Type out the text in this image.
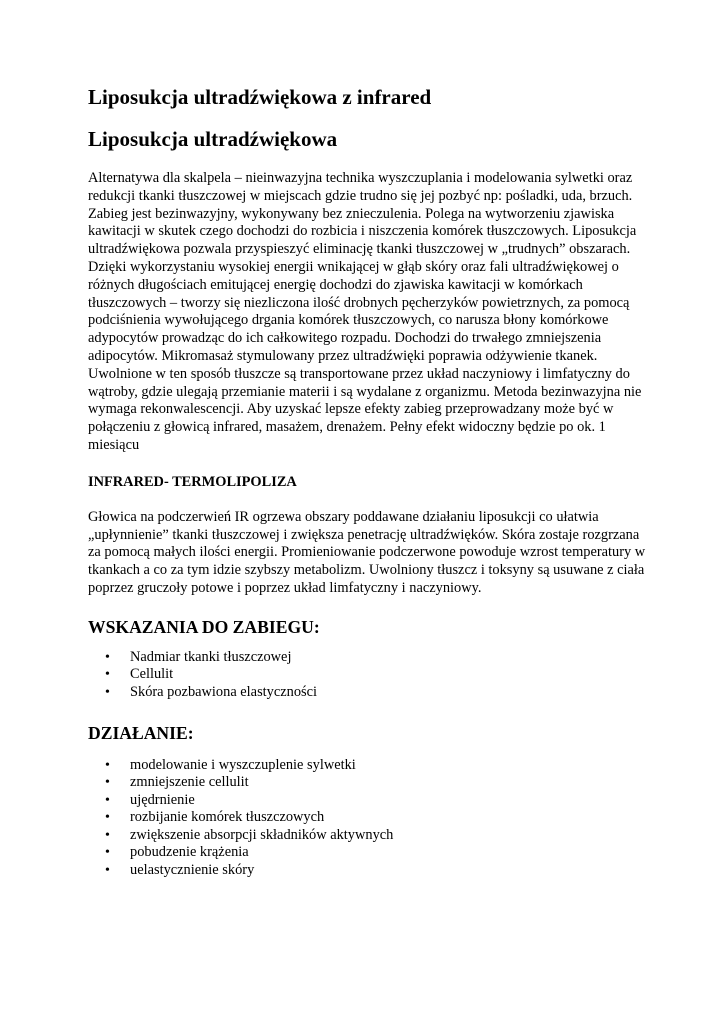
Liposukcja ultradźwiękowa z infrared
Liposukcja ultradźwiękowa

Alternatywa dla skalpela – nieinwazyjna technika wyszczuplania i modelowania sylwetki oraz redukcji tkanki tłuszczowej w miejscach gdzie trudno się jej pozbyć np: pośladki, uda, brzuch. Zabieg jest bezinwazyjny, wykonywany bez znieczulenia. Polega na wytworzeniu zjawiska kawitacji w skutek czego dochodzi do rozbicia i niszczenia komórek tłuszczowych. Liposukcja ultradźwiękowa pozwala przyspieszyć eliminację tkanki tłuszczowej w „trudnych” obszarach. Dzięki wykorzystaniu wysokiej energii wnikającej w głąb skóry oraz fali ultradźwiękowej o różnych długościach emitującej energię dochodzi do zjawiska kawitacji w komórkach tłuszczowych – tworzy się niezliczona ilość drobnych pęcherzyków powietrznych, za pomocą podciśnienia wywołującego drgania komórek tłuszczowych, co narusza błony komórkowe adypocytów prowadząc do ich całkowitego rozpadu. Dochodzi do trwałego zmniejszenia adipocytów. Mikromasaż stymulowany przez ultradźwięki poprawia odżywienie tkanek. Uwolnione w ten sposób tłuszcze są transportowane przez układ naczyniowy i limfatyczny do wątroby, gdzie ulegają przemianie materii i są wydalane z organizmu. Metoda bezinwazyjna nie wymaga rekonwalescencji. Aby uzyskać lepsze efekty zabieg przeprowadzany może być w połączeniu z głowicą infrared, masażem, drenażem. Pełny efekt widoczny będzie po ok. 1 miesiącu

INFRARED- TERMOLIPOLIZA

Głowica na podczerwień IR ogrzewa obszary poddawane działaniu liposukcji co ułatwia „upłynnienie” tkanki tłuszczowej i zwiększa penetrację ultradźwięków. Skóra zostaje rozgrzana za pomocą małych ilości energii. Promieniowanie podczerwone powoduje wzrost temperatury w tkankach a co za tym idzie szybszy metabolizm. Uwolniony tłuszcz i toksyny są usuwane z ciała poprzez gruczoły potowe i poprzez układ limfatyczny i naczyniowy.

WSKAZANIA DO ZABIEGU:
• Nadmiar tkanki tłuszczowej
• Cellulit
• Skóra pozbawiona elastyczności
DZIAŁANIE:
• modelowanie i wyszczuplenie sylwetki
• zmniejszenie cellulit
• ujędrnienie
• rozbijanie komórek tłuszczowych
• zwiększenie absorpcji składników aktywnych
• pobudzenie krążenia
• uelastycznienie skóry
